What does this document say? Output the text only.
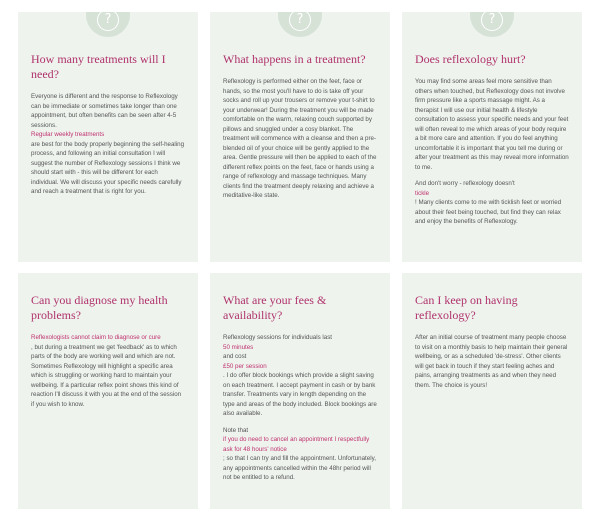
?
How many treatments will I need?

Everyone is different and the response to Reflexology can be immediate or sometimes take longer than one appointment, but often benefits can be seen after 4-5 sessions.

Regular weekly treatments

are best for the body properly beginning the self-healing process, and following an initial consultation I will suggest the number of Reflexology sessions I think we should start with - this will be different for each individual. We will discuss your specific needs carefully and reach a treatment that is right for you.

?
What happens in a treatment?

Reflexology is performed either on the feet, face or hands, so the most you'll have to do is take off your socks and roll up your trousers or remove your t-shirt to your underwear! During the treatment you will be made comfortable on the warm, relaxing couch supported by pillows and snuggled under a cosy blanket. The treatment will commence with a cleanse and then a pre-blended oil of your choice will be gently applied to the area. Gentle pressure will then be applied to each of the different reflex points on the feet, face or hands using a range of reflexology and massage techniques. Many clients find the treatment deeply relaxing and achieve a meditative-like state.

?
Does reflexology hurt?

You may find some areas feel more sensitive than others when touched, but Reflexology does not involve firm pressure like a sports massage might. As a therapist I will use our initial health & lifestyle consultation to assess your specific needs and your feet will often reveal to me which areas of your body require a bit more care and attention. If you do feel anything uncomfortable it is important that you tell me during or after your treatment as this may reveal more information to me.

And don't worry - reflexology doesn't

tickle

! Many clients come to me with ticklish feet or worried about their feet being touched, but find they can relax and enjoy the benefits of Reflexology.

Can you diagnose my health problems?

Reflexologists cannot claim to diagnose or cure

, but during a treatment we get 'feedback' as to which parts of the body are working well and which are not. Sometimes Reflexology will highlight a specific area which is struggling or working hard to maintain your wellbeing. If a particular reflex point shows this kind of reaction I'll discuss it with you at the end of the session if you wish to know.

What are your fees & availability?

Reflexology sessions for individuals last

50 minutes

and cost

£50 per session

. I do offer block bookings which provide a slight saving on each treatment. I accept payment in cash or by bank transfer. Treatments vary in length depending on the type and areas of the body included. Block bookings are also available.

Note that

if you do need to cancel an appointment I respectfully ask for 48 hours' notice

; so that I can try and fill the appointment. Unfortunately, any appointments cancelled within the 48hr period will not be entitled to a refund.

Can I keep on having reflexology?

After an initial course of treatment many people choose to visit on a monthly basis to help maintain their general wellbeing, or as a scheduled 'de-stress'. Other clients will get back in touch if they start feeling aches and pains, arranging treatments as and when they need them. The choice is yours!
